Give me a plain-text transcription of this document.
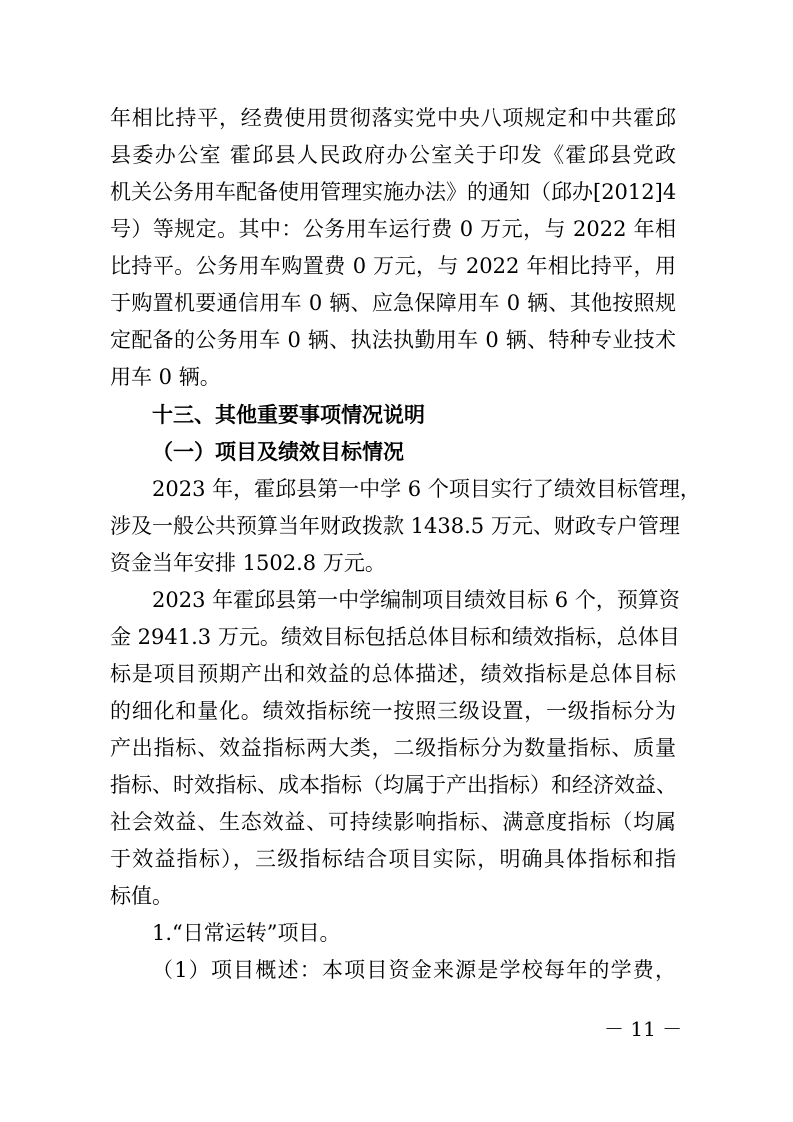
年相比持平，经费使用贯彻落实党中央八项规定和中共霍邱
县委办公室 霍邱县人民政府办公室关于印发《霍邱县党政
机关公务用车配备使用管理实施办法》的通知（邱办[2012]4
号）等规定。其中：公务用车运行费 0 万元，与 2022 年相
比持平。公务用车购置费 0 万元，与 2022 年相比持平，用
于购置机要通信用车 0 辆、应急保障用车 0 辆、其他按照规
定配备的公务用车 0 辆、执法执勤用车 0 辆、特种专业技术
用车 0 辆。
十三、其他重要事项情况说明
（一）项目及绩效目标情况
2023 年，霍邱县第一中学 6 个项目实行了绩效目标管理，
涉及一般公共预算当年财政拨款 1438.5 万元、财政专户管理
资金当年安排 1502.8 万元。
2023 年霍邱县第一中学编制项目绩效目标 6 个，预算资
金 2941.3 万元。绩效目标包括总体目标和绩效指标，总体目
标是项目预期产出和效益的总体描述，绩效指标是总体目标
的细化和量化。绩效指标统一按照三级设置，一级指标分为
产出指标、效益指标两大类，二级指标分为数量指标、质量
指标、时效指标、成本指标（均属于产出指标）和经济效益、
社会效益、生态效益、可持续影响指标、满意度指标（均属
于效益指标），三级指标结合项目实际，明确具体指标和指
标值。
1.“日常运转”项目。
（1）项目概述：本项目资金来源是学校每年的学费，
－ 11 －
